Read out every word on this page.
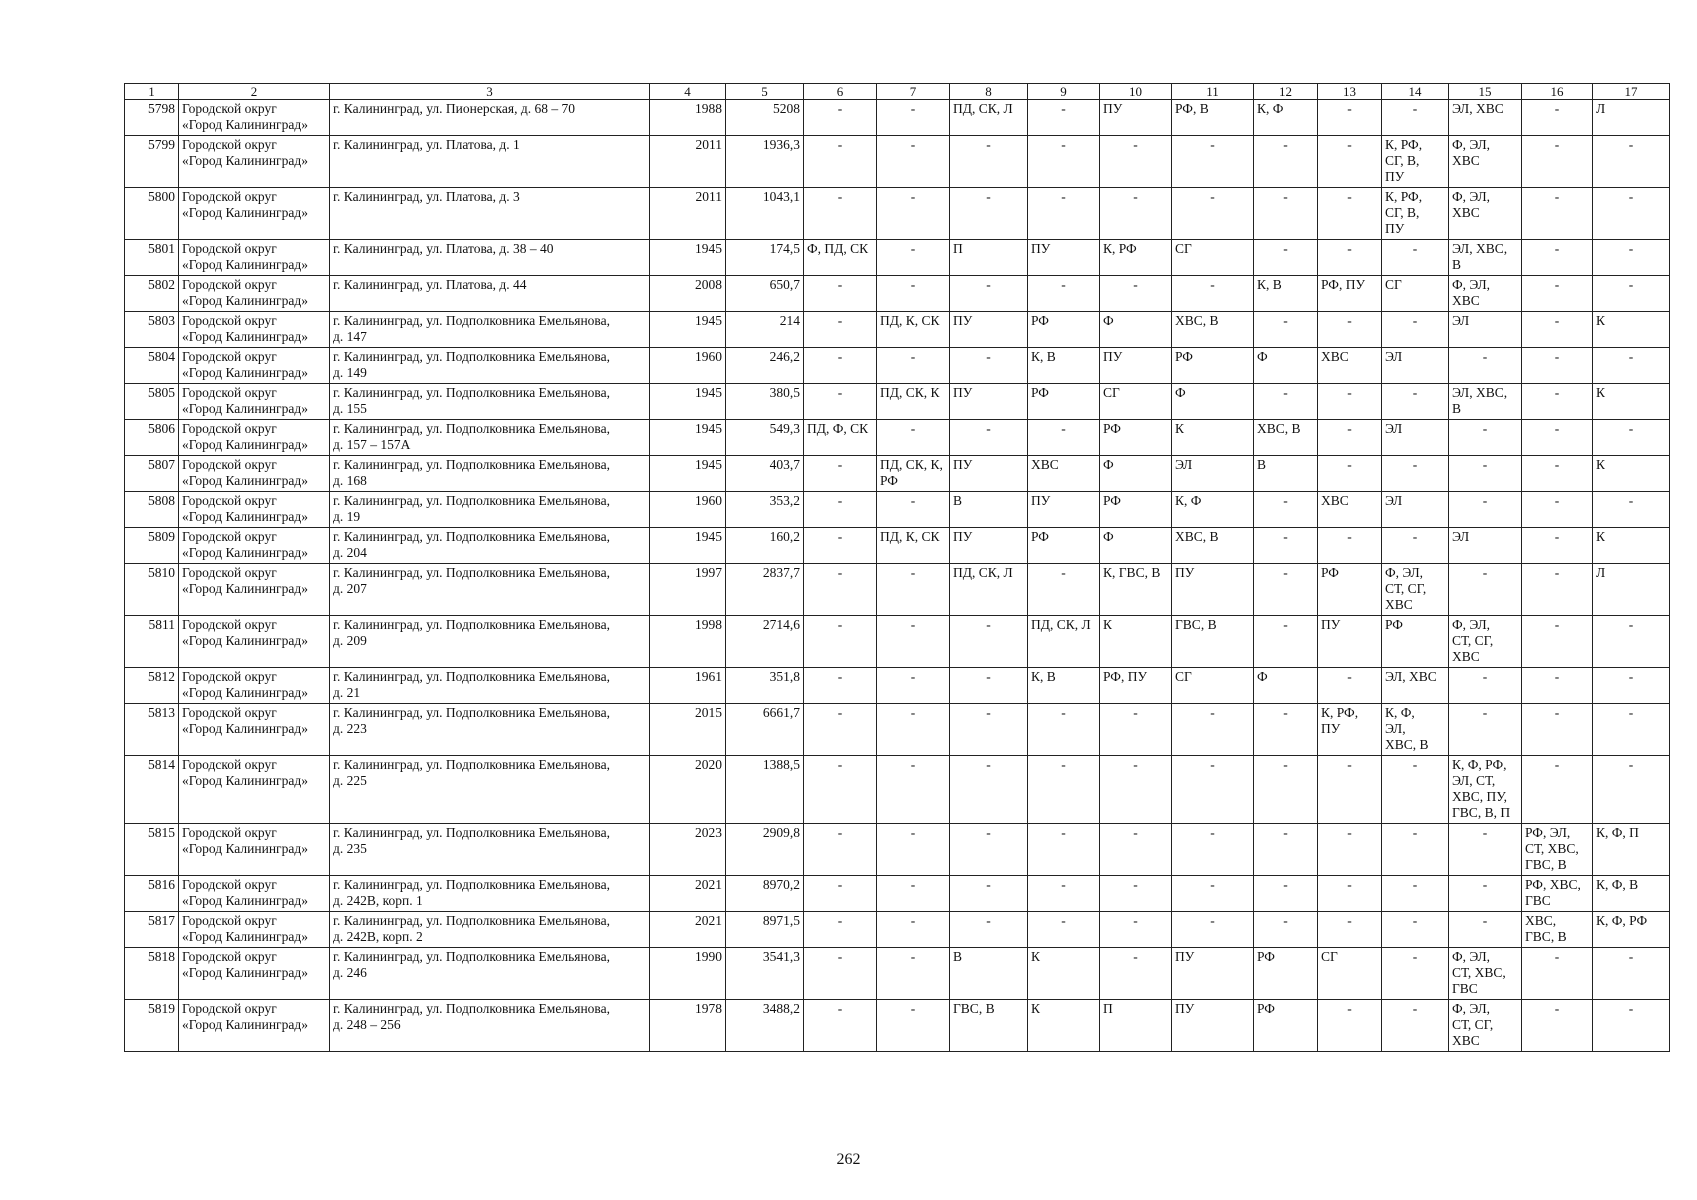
1	2	3	4	5	6	7	8	9	10	11	12	13	14	15	16	17
5798	Городской округ
«Город Калининград»	г. Калининград, ул. Пионерская, д. 68 – 70	1988	5208	-	-	ПД, СК, Л	-	ПУ	РФ, В	К, Ф	-	-	ЭЛ, ХВС	-	Л
5799	Городской округ
«Город Калининград»	г. Калининград, ул. Платова, д. 1	2011	1936,3	-	-	-	-	-	-	-	-	К, РФ,
СГ, В,
ПУ	Ф, ЭЛ,
ХВС	-	-
5800	Городской округ
«Город Калининград»	г. Калининград, ул. Платова, д. 3	2011	1043,1	-	-	-	-	-	-	-	-	К, РФ,
СГ, В,
ПУ	Ф, ЭЛ,
ХВС	-	-
5801	Городской округ
«Город Калининград»	г. Калининград, ул. Платова, д. 38 – 40	1945	174,5	Ф, ПД, СК	-	П	ПУ	К, РФ	СГ	-	-	-	ЭЛ, ХВС,
В	-	-
5802	Городской округ
«Город Калининград»	г. Калининград, ул. Платова, д. 44	2008	650,7	-	-	-	-	-	-	К, В	РФ, ПУ	СГ	Ф, ЭЛ,
ХВС	-	-
5803	Городской округ
«Город Калининград»	г. Калининград, ул. Подполковника Емельянова,
д. 147	1945	214	-	ПД, К, СК	ПУ	РФ	Ф	ХВС, В	-	-	-	ЭЛ	-	К
5804	Городской округ
«Город Калининград»	г. Калининград, ул. Подполковника Емельянова,
д. 149	1960	246,2	-	-	-	К, В	ПУ	РФ	Ф	ХВС	ЭЛ	-	-	-
5805	Городской округ
«Город Калининград»	г. Калининград, ул. Подполковника Емельянова,
д. 155	1945	380,5	-	ПД, СК, К	ПУ	РФ	СГ	Ф	-	-	-	ЭЛ, ХВС,
В	-	К
5806	Городской округ
«Город Калининград»	г. Калининград, ул. Подполковника Емельянова,
д. 157 – 157А	1945	549,3	ПД, Ф, СК	-	-	-	РФ	К	ХВС, В	-	ЭЛ	-	-	-
5807	Городской округ
«Город Калининград»	г. Калининград, ул. Подполковника Емельянова,
д. 168	1945	403,7	-	ПД, СК, К,
РФ	ПУ	ХВС	Ф	ЭЛ	В	-	-	-	-	К
5808	Городской округ
«Город Калининград»	г. Калининград, ул. Подполковника Емельянова,
д. 19	1960	353,2	-	-	В	ПУ	РФ	К, Ф	-	ХВС	ЭЛ	-	-	-
5809	Городской округ
«Город Калининград»	г. Калининград, ул. Подполковника Емельянова,
д. 204	1945	160,2	-	ПД, К, СК	ПУ	РФ	Ф	ХВС, В	-	-	-	ЭЛ	-	К
5810	Городской округ
«Город Калининград»	г. Калининград, ул. Подполковника Емельянова,
д. 207	1997	2837,7	-	-	ПД, СК, Л	-	К, ГВС, В	ПУ	-	РФ	Ф, ЭЛ,
СТ, СГ,
ХВС	-	-	Л
5811	Городской округ
«Город Калининград»	г. Калининград, ул. Подполковника Емельянова,
д. 209	1998	2714,6	-	-	-	ПД, СК, Л	К	ГВС, В	-	ПУ	РФ	Ф, ЭЛ,
СТ, СГ,
ХВС	-	-
5812	Городской округ
«Город Калининград»	г. Калининград, ул. Подполковника Емельянова,
д. 21	1961	351,8	-	-	-	К, В	РФ, ПУ	СГ	Ф	-	ЭЛ, ХВС	-	-	-
5813	Городской округ
«Город Калининград»	г. Калининград, ул. Подполковника Емельянова,
д. 223	2015	6661,7	-	-	-	-	-	-	-	К, РФ,
ПУ	К, Ф,
ЭЛ,
ХВС, В	-	-	-
5814	Городской округ
«Город Калининград»	г. Калининград, ул. Подполковника Емельянова,
д. 225	2020	1388,5	-	-	-	-	-	-	-	-	-	К, Ф, РФ,
ЭЛ, СТ,
ХВС, ПУ,
ГВС, В, П	-	-
5815	Городской округ
«Город Калининград»	г. Калининград, ул. Подполковника Емельянова,
д. 235	2023	2909,8	-	-	-	-	-	-	-	-	-	-	РФ, ЭЛ,
СТ, ХВС,
ГВС, В	К, Ф, П
5816	Городской округ
«Город Калининград»	г. Калининград, ул. Подполковника Емельянова,
д. 242В, корп. 1	2021	8970,2	-	-	-	-	-	-	-	-	-	-	РФ, ХВС,
ГВС	К, Ф, В
5817	Городской округ
«Город Калининград»	г. Калининград, ул. Подполковника Емельянова,
д. 242В, корп. 2	2021	8971,5	-	-	-	-	-	-	-	-	-	-	ХВС,
ГВС, В	К, Ф, РФ
5818	Городской округ
«Город Калининград»	г. Калининград, ул. Подполковника Емельянова,
д. 246	1990	3541,3	-	-	В	К	-	ПУ	РФ	СГ	-	Ф, ЭЛ,
СТ, ХВС,
ГВС	-	-
5819	Городской округ
«Город Калининград»	г. Калининград, ул. Подполковника Емельянова,
д. 248 – 256	1978	3488,2	-	-	ГВС, В	К	П	ПУ	РФ	-	-	Ф, ЭЛ,
СТ, СГ,
ХВС	-	-
262
